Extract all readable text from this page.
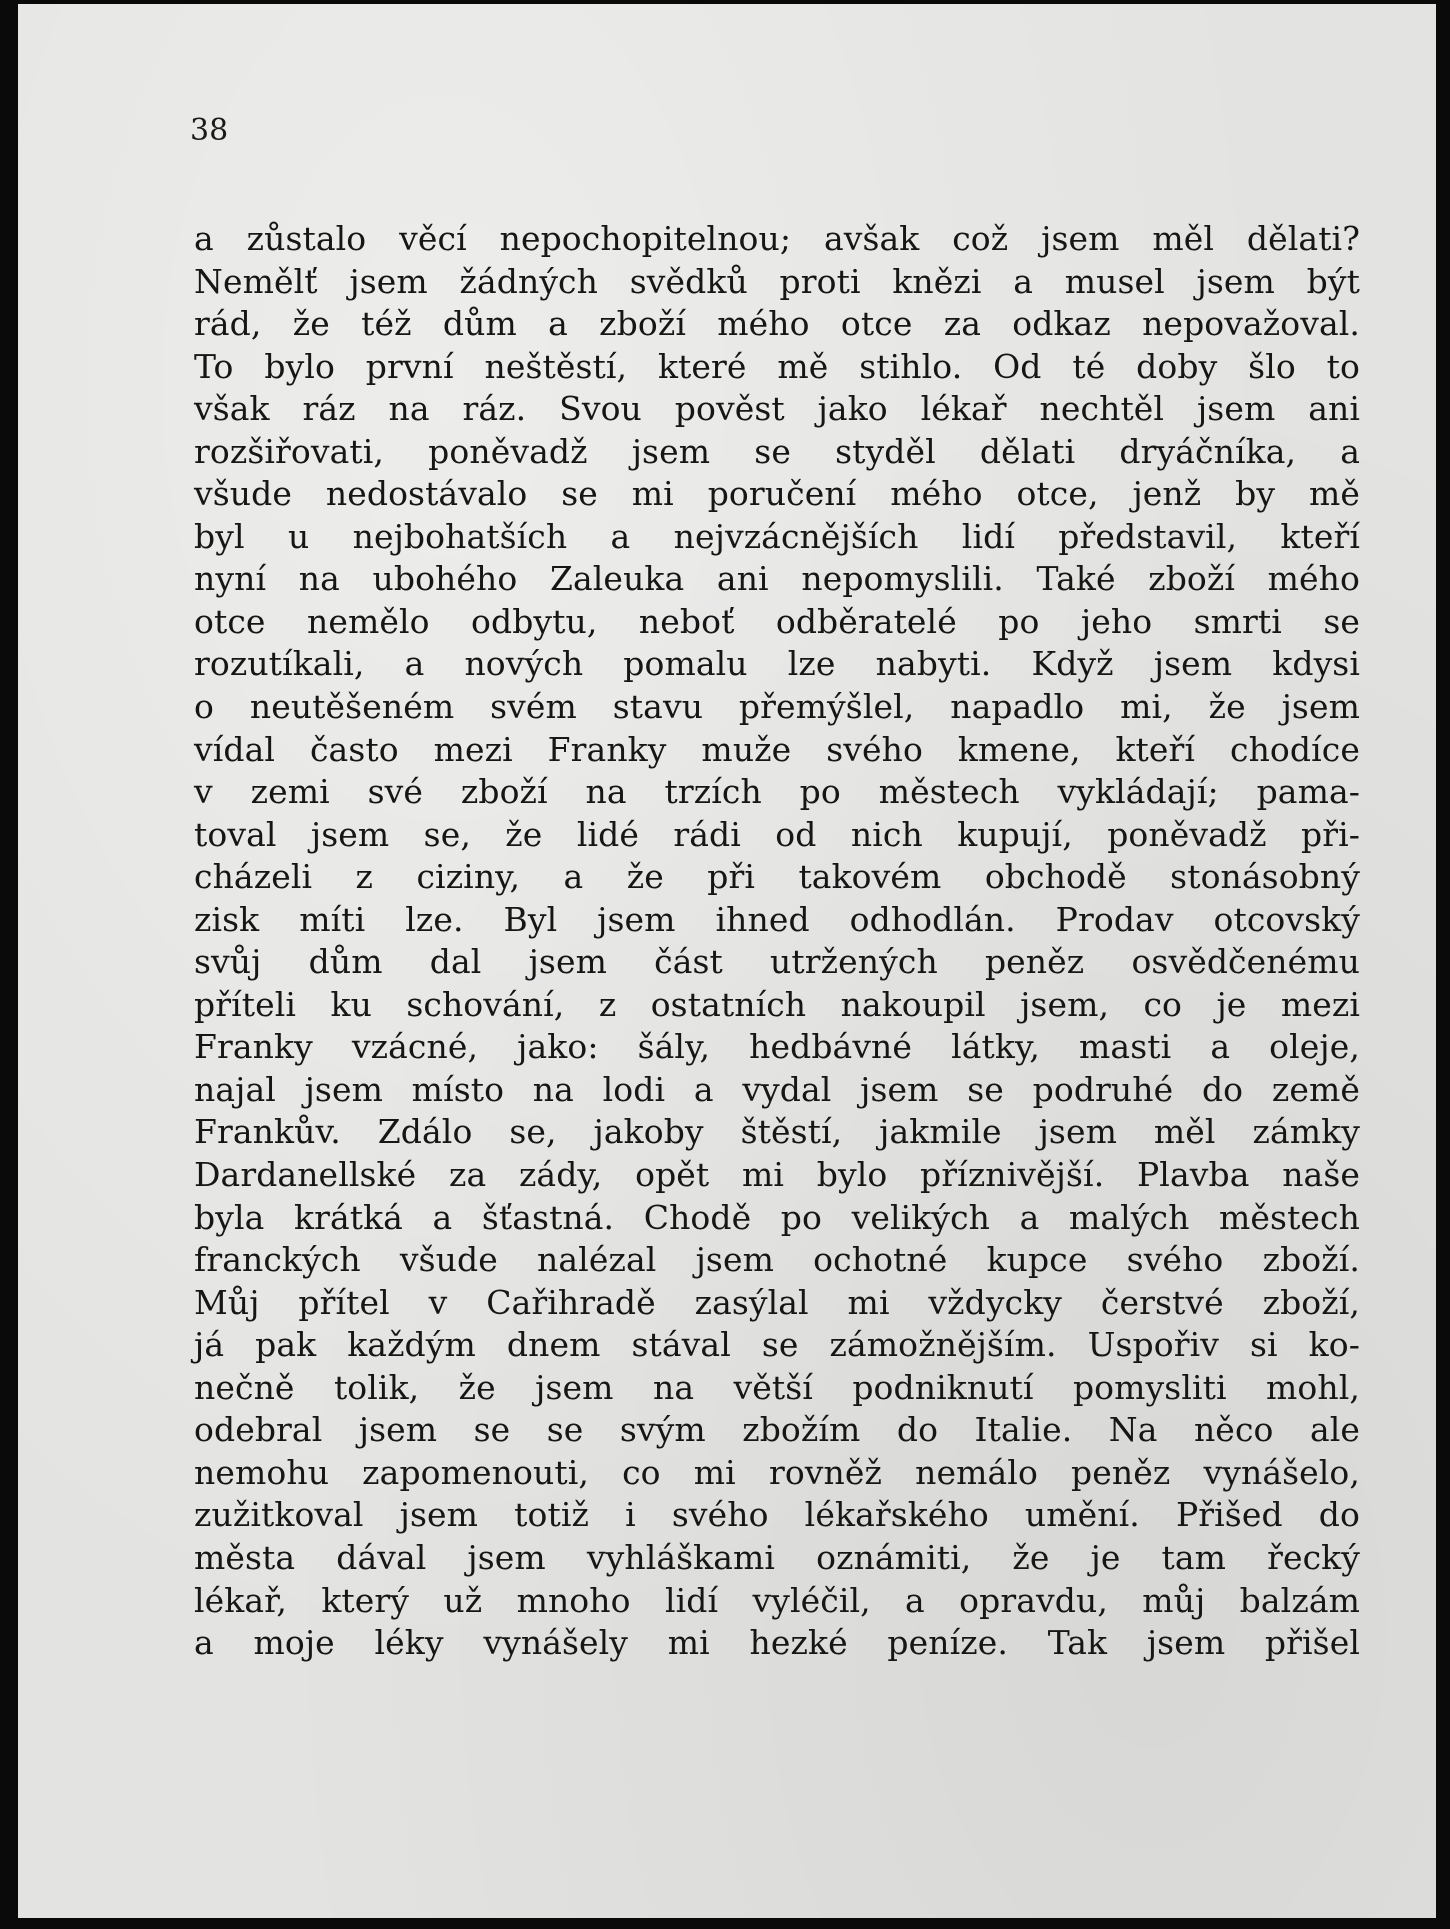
38
a zůstalo věcí nepochopitelnou; avšak což jsem měl dělati?
Nemělť jsem žádných svědků proti knězi a musel jsem být
rád, že též dům a zboží mého otce za odkaz nepovažoval.
To bylo první neštěstí, které mě stihlo. Od té doby šlo to
však ráz na ráz. Svou pověst jako lékař nechtěl jsem ani
rozšiřovati, poněvadž jsem se styděl dělati dryáčníka, a
všude nedostávalo se mi poručení mého otce, jenž by mě
byl u nejbohatších a nejvzácnějších lidí představil, kteří
nyní na ubohého Zaleuka ani nepomyslili. Také zboží mého
otce nemělo odbytu, neboť odběratelé po jeho smrti se
rozutíkali, a nových pomalu lze nabyti. Když jsem kdysi
o neutěšeném svém stavu přemýšlel, napadlo mi, že jsem
vídal často mezi Franky muže svého kmene, kteří chodíce
v zemi své zboží na trzích po městech vykládají; pama-
toval jsem se, že lidé rádi od nich kupují, poněvadž při-
cházeli z ciziny, a že při takovém obchodě stonásobný
zisk míti lze. Byl jsem ihned odhodlán. Prodav otcovský
svůj dům dal jsem část utržených peněz osvědčenému
příteli ku schování, z ostatních nakoupil jsem, co je mezi
Franky vzácné, jako: šály, hedbávné látky, masti a oleje,
najal jsem místo na lodi a vydal jsem se podruhé do země
Frankův. Zdálo se, jakoby štěstí, jakmile jsem měl zámky
Dardanellské za zády, opět mi bylo příznivější. Plavba naše
byla krátká a šťastná. Chodě po velikých a malých městech
franckých všude nalézal jsem ochotné kupce svého zboží.
Můj přítel v Cařihradě zasýlal mi vždycky čerstvé zboží,
já pak každým dnem stával se zámožnějším. Uspořiv si ko-
nečně tolik, že jsem na větší podniknutí pomysliti mohl,
odebral jsem se se svým zbožím do Italie. Na něco ale
nemohu zapomenouti, co mi rovněž nemálo peněz vynášelo,
zužitkoval jsem totiž i svého lékařského umění. Přišed do
města dával jsem vyhláškami oznámiti, že je tam řecký
lékař, který už mnoho lidí vyléčil, a opravdu, můj balzám
a moje léky vynášely mi hezké peníze. Tak jsem přišel
